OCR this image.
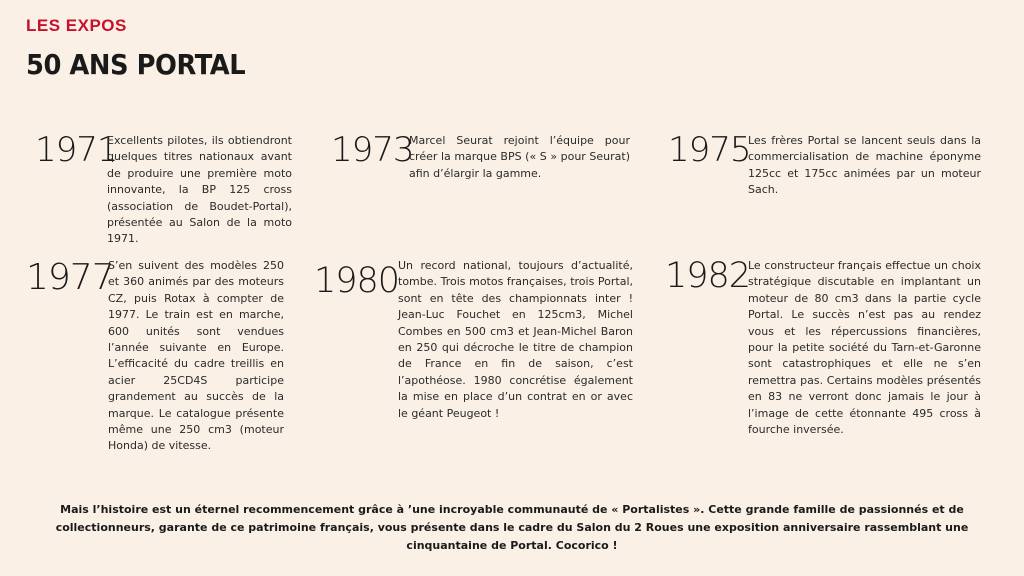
LES EXPOS
50 ANS PORTAL
1971
Excellents pilotes, ils obtiendront quelques titres nationaux avant de produire une première moto innovante, la BP 125 cross (association de Boudet-Portal), présentée au Salon de la moto 1971.
1973
Marcel Seurat rejoint l’équipe pour créer la marque BPS (« S » pour Seurat) afin d’élargir la gamme.
1975
Les frères Portal se lancent seuls dans la commercialisation de machine éponyme 125cc et 175cc animées par un moteur Sach.
1977
S’en suivent des modèles 250 et 360 animés par des moteurs CZ, puis Rotax à compter de 1977. Le train est en marche, 600 unités sont vendues l’année suivante en Europe. L’efficacité du cadre treillis en acier 25CD4S participe grandement au succès de la marque. Le catalogue présente même une 250 cm3 (moteur Honda) de vitesse.
1980
Un record national, toujours d’actualité, tombe. Trois motos françaises, trois Portal, sont en tête des championnats inter ! Jean-Luc Fouchet en 125cm3, Michel Combes en 500 cm3 et Jean-Michel Baron en 250 qui décroche le titre de champion de France en fin de saison, c’est l’apothéose. 1980 concrétise également la mise en place d’un contrat en or avec le géant Peugeot !
1982
Le constructeur français effectue un choix stratégique discutable en implantant un moteur de 80 cm3 dans la partie cycle Portal. Le succès n’est pas au rendez vous et les répercussions financières, pour la petite société du Tarn-et-Garonne sont catastrophiques et elle ne s’en remettra pas. Certains modèles présentés en 83 ne verront donc jamais le jour à l’image de cette étonnante 495 cross à fourche inversée.
Mais l’histoire est un éternel recommencement grâce à ’une incroyable communauté de « Portalistes ». Cette grande famille de passionnés et de collectionneurs, garante de ce patrimoine français, vous présente dans le cadre du Salon du 2 Roues une exposition anniversaire rassemblant une cinquantaine de Portal. Cocorico !
